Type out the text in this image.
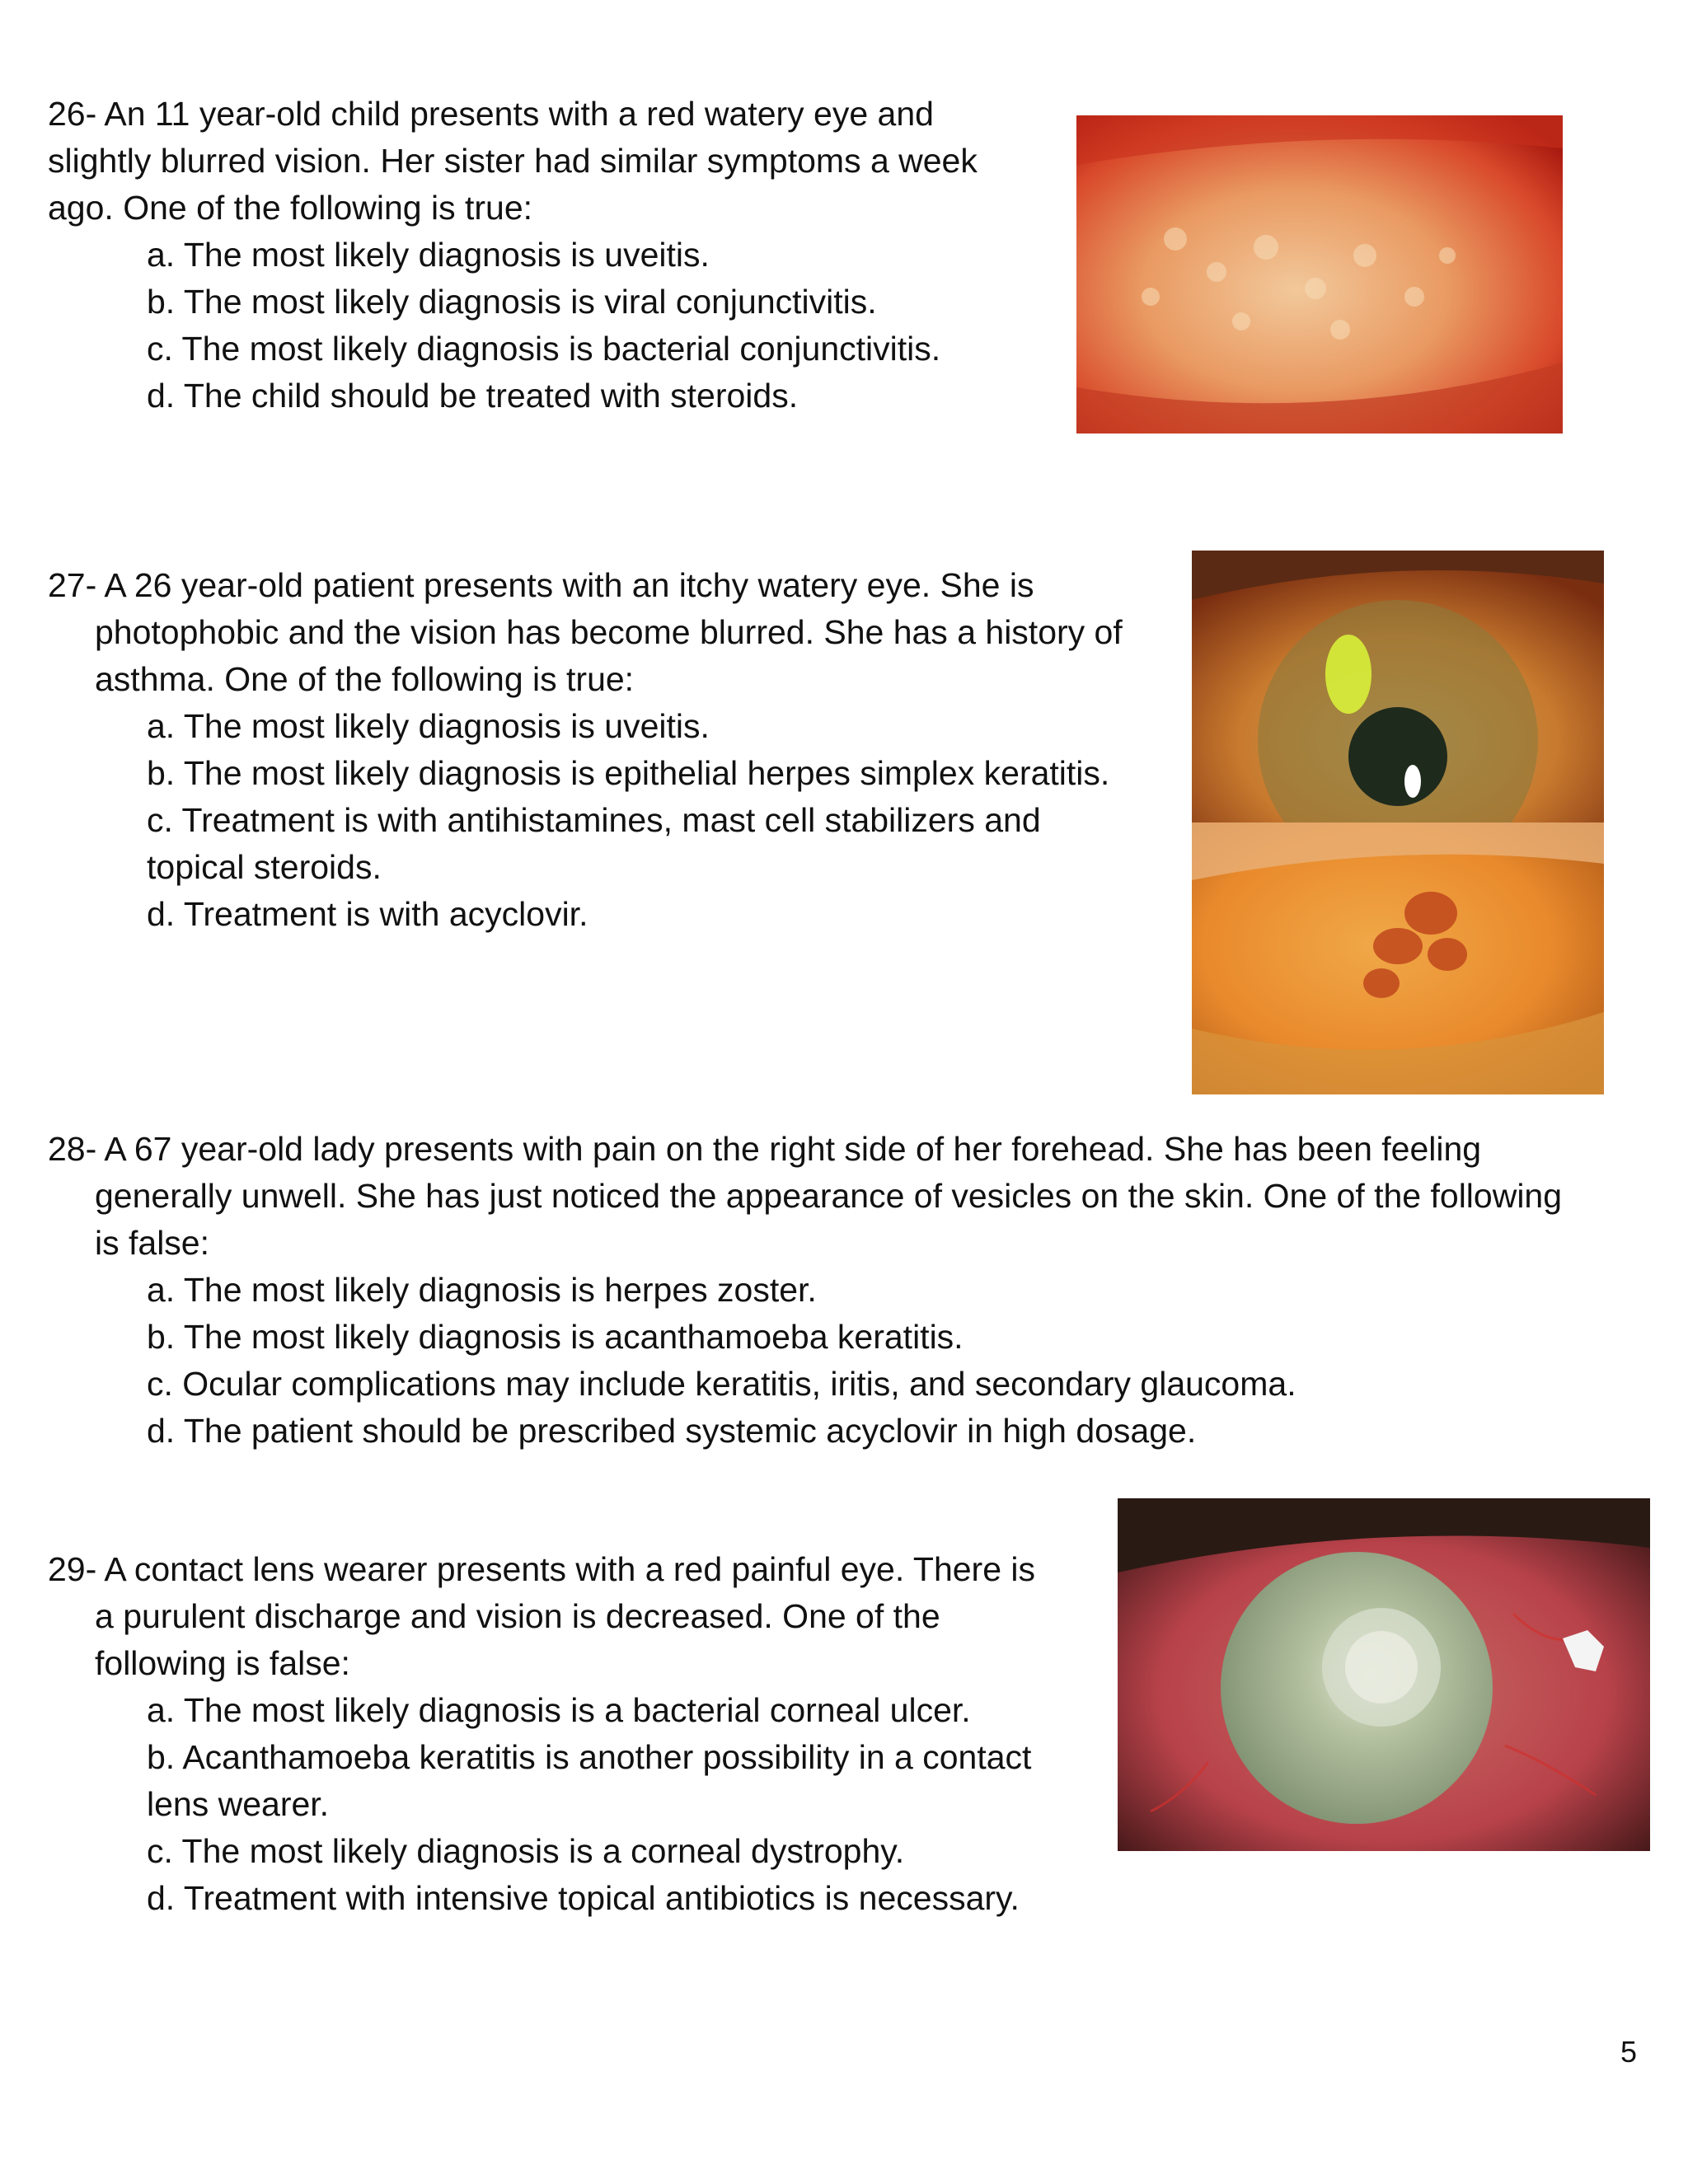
26- An 11 year-old child presents with a red watery eye and
slightly blurred vision. Her sister had similar symptoms a week
ago. One of the following is true:
a. The most likely diagnosis is uveitis.
b. The most likely diagnosis is viral conjunctivitis.
c. The most likely diagnosis is bacterial conjunctivitis.
d. The child should be treated with steroids.
27- A 26 year-old patient presents with an itchy watery eye. She is
photophobic and the vision has become blurred. She has a history of
asthma. One of the following is true:
a. The most likely diagnosis is uveitis.
b. The most likely diagnosis is epithelial herpes simplex keratitis.
c. Treatment is with antihistamines, mast cell stabilizers and
topical steroids.
d. Treatment is with acyclovir.
28- A 67 year-old lady presents with pain on the right side of her forehead. She has been feeling
generally unwell. She has just noticed the appearance of vesicles on the skin. One of the following
is false:
a. The most likely diagnosis is herpes zoster.
b. The most likely diagnosis is acanthamoeba keratitis.
c. Ocular complications may include keratitis, iritis, and secondary glaucoma.
d. The patient should be prescribed systemic acyclovir in high dosage.
29- A contact lens wearer presents with a red painful eye. There is
a purulent discharge and vision is decreased. One of the
following is false:
a. The most likely diagnosis is a bacterial corneal ulcer.
b. Acanthamoeba keratitis is another possibility in a contact
lens wearer.
c. The most likely diagnosis is a corneal dystrophy.
d. Treatment with intensive topical antibiotics is necessary.
5
